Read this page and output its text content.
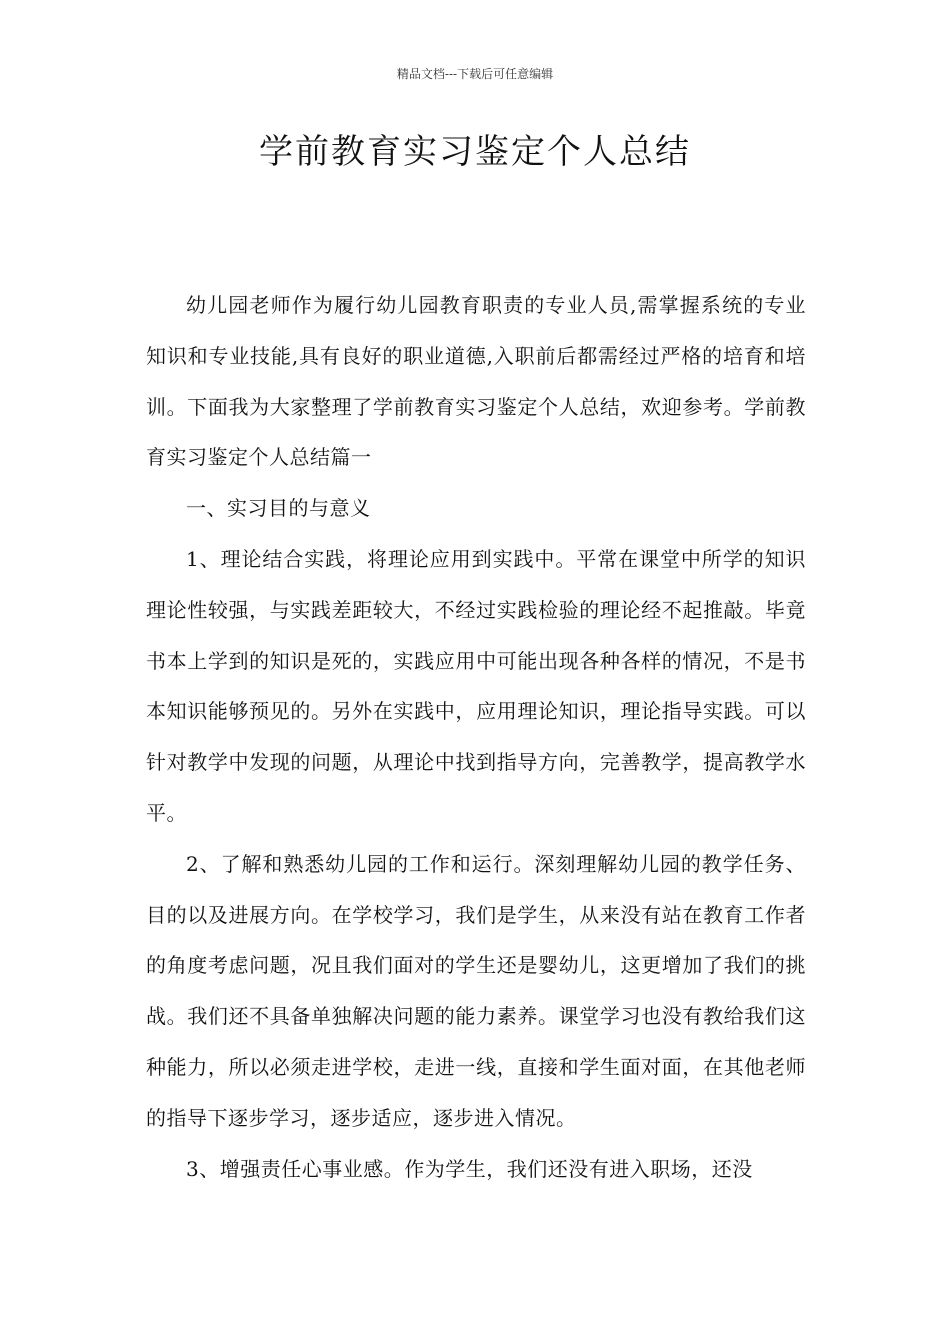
精品文档---下载后可任意编辑
学前教育实习鉴定个人总结

幼儿园老师作为履行幼儿园教育职责的专业人员,需掌握系统的专业知识和专业技能,具有良好的职业道德,入职前后都需经过严格的培育和培训。下面我为大家整理了学前教育实习鉴定个人总结，欢迎参考。学前教育实习鉴定个人总结篇一

一、实习目的与意义

1、理论结合实践，将理论应用到实践中。平常在课堂中所学的知识理论性较强，与实践差距较大，不经过实践检验的理论经不起推敲。毕竟书本上学到的知识是死的，实践应用中可能出现各种各样的情况，不是书本知识能够预见的。另外在实践中，应用理论知识，理论指导实践。可以针对教学中发现的问题，从理论中找到指导方向，完善教学，提高教学水平。

2、了解和熟悉幼儿园的工作和运行。深刻理解幼儿园的教学任务、目的以及进展方向。在学校学习，我们是学生，从来没有站在教育工作者的角度考虑问题，况且我们面对的学生还是婴幼儿，这更增加了我们的挑战。我们还不具备单独解决问题的能力素养。课堂学习也没有教给我们这种能力，所以必须走进学校，走进一线，直接和学生面对面，在其他老师的指导下逐步学习，逐步适应，逐步进入情况。

3、增强责任心事业感。作为学生，我们还没有进入职场，还没
